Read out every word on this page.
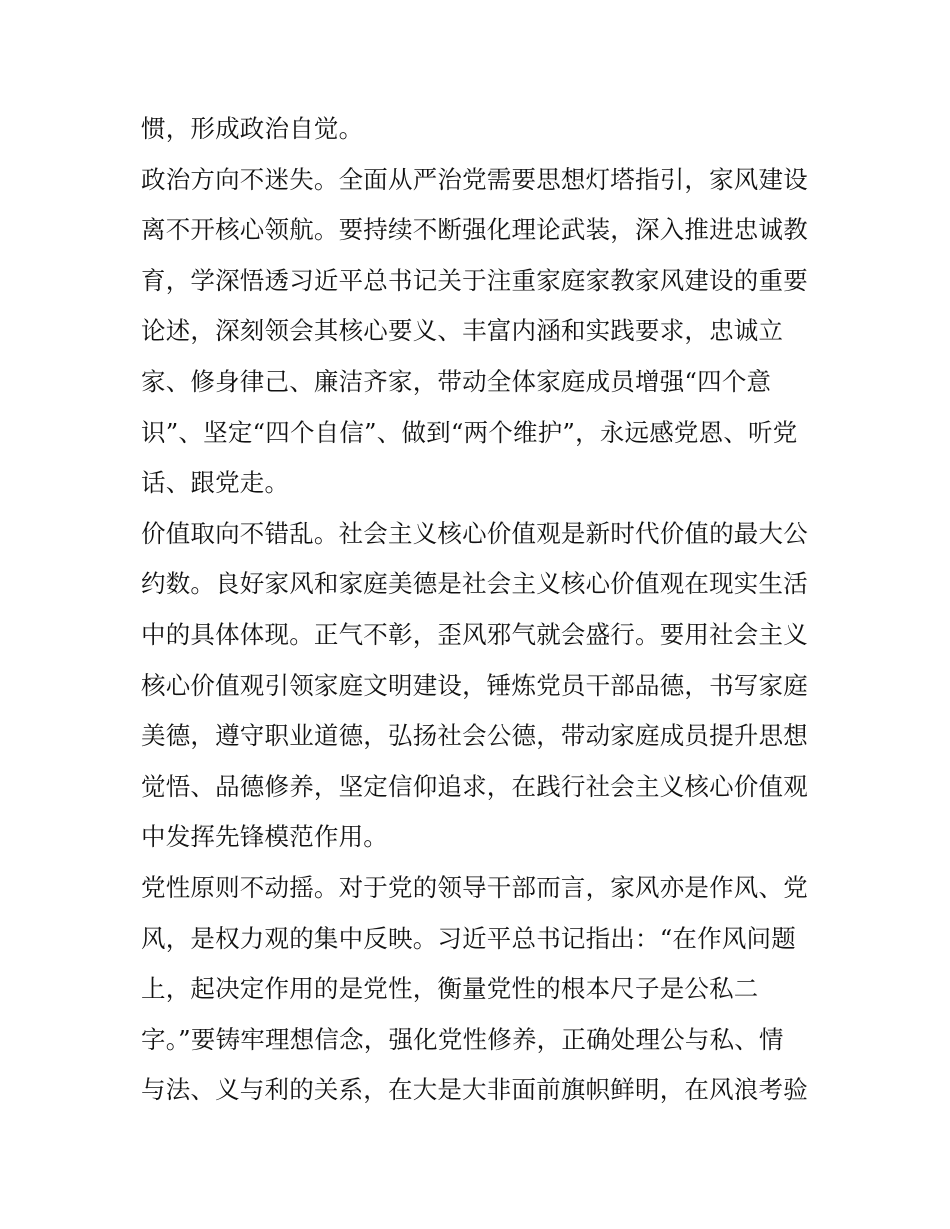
惯，形成政治自觉。
政治方向不迷失。全面从严治党需要思想灯塔指引，家风建设
离不开核心领航。要持续不断强化理论武装，深入推进忠诚教
育，学深悟透习近平总书记关于注重家庭家教家风建设的重要
论述，深刻领会其核心要义、丰富内涵和实践要求，忠诚立
家、修身律己、廉洁齐家，带动全体家庭成员增强“四个意
识”、坚定“四个自信”、做到“两个维护”，永远感党恩、听党
话、跟党走。
价值取向不错乱。社会主义核心价值观是新时代价值的最大公
约数。良好家风和家庭美德是社会主义核心价值观在现实生活
中的具体体现。正气不彰，歪风邪气就会盛行。要用社会主义
核心价值观引领家庭文明建设，锤炼党员干部品德，书写家庭
美德，遵守职业道德，弘扬社会公德，带动家庭成员提升思想
觉悟、品德修养，坚定信仰追求，在践行社会主义核心价值观
中发挥先锋模范作用。
党性原则不动摇。对于党的领导干部而言，家风亦是作风、党
风，是权力观的集中反映。习近平总书记指出：“在作风问题
上，起决定作用的是党性，衡量党性的根本尺子是公私二
字。”要铸牢理想信念，强化党性修养，正确处理公与私、情
与法、义与利的关系，在大是大非面前旗帜鲜明，在风浪考验
